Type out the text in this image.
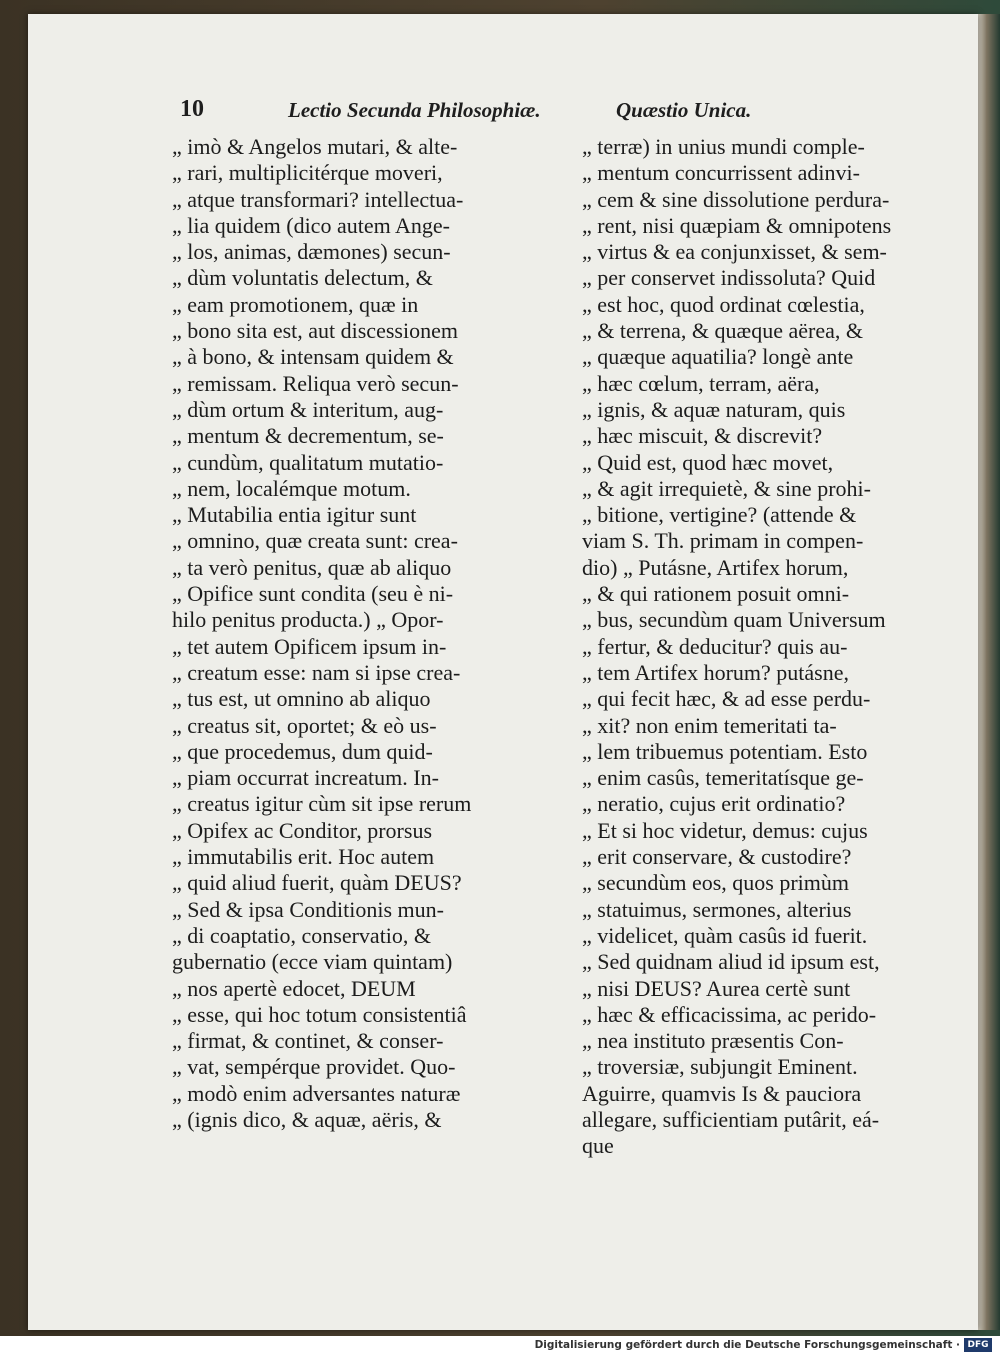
10	Lectio Secunda Philosophiæ.	Quæstio Unica.
„ imò & Angelos mutari, & alte-
„ rari, multiplicitérque moveri,
„ atque transformari? intellectua-
„ lia quidem (dico autem Ange-
„ los, animas, dæmones) secun-
„ dùm voluntatis delectum, &
„ eam promotionem, quæ in
„ bono sita est, aut discessionem
„ à bono, & intensam quidem &
„ remissam. Reliqua verò secun-
„ dùm ortum & interitum, aug-
„ mentum & decrementum, se-
„ cundùm, qualitatum mutatio-
„ nem, localémque motum.
„ Mutabilia entia igitur sunt
„ omnino, quæ creata sunt: crea-
„ ta verò penitus, quæ ab aliquo
„ Opifice sunt condita (seu è ni-
hilo penitus producta.) „ Opor-
„ tet autem Opificem ipsum in-
„ creatum esse: nam si ipse crea-
„ tus est, ut omnino ab aliquo
„ creatus sit, oportet; & eò us-
„ que procedemus, dum quid-
„ piam occurrat increatum. In-
„ creatus igitur cùm sit ipse rerum
„ Opifex ac Conditor, prorsus
„ immutabilis erit. Hoc autem
„ quid aliud fuerit, quàm DEUS?
„ Sed & ipsa Conditionis mun-
„ di coaptatio, conservatio, &
gubernatio (ecce viam quintam)
„ nos apertè edocet, DEUM
„ esse, qui hoc totum consistentiâ
„ firmat, & continet, & conser-
„ vat, sempérque providet. Quo-
„ modò enim adversantes naturæ
„ (ignis dico, & aquæ, aëris, &
„ terræ) in unius mundi comple-
„ mentum concurrissent adinvi-
„ cem & sine dissolutione perdura-
„ rent, nisi quæpiam & omnipotens
„ virtus & ea conjunxisset, & sem-
„ per conservet indissoluta? Quid
„ est hoc, quod ordinat cœlestia,
„ & terrena, & quæque aërea, &
„ quæque aquatilia? longè ante
„ hæc cœlum, terram, aëra,
„ ignis, & aquæ naturam, quis
„ hæc miscuit, & discrevit?
„ Quid est, quod hæc movet,
„ & agit irrequietè, & sine prohi-
„ bitione, vertigine? (attende &
viam S. Th. primam in compen-
dio) „ Putásne, Artifex horum,
„ & qui rationem posuit omni-
„ bus, secundùm quam Universum
„ fertur, & deducitur? quis au-
„ tem Artifex horum? putásne,
„ qui fecit hæc, & ad esse perdu-
„ xit? non enim temeritati ta-
„ lem tribuemus potentiam. Esto
„ enim casûs, temeritatísque ge-
„ neratio, cujus erit ordinatio?
„ Et si hoc videtur, demus: cujus
„ erit conservare, & custodire?
„ secundùm eos, quos primùm
„ statuimus, sermones, alterius
„ videlicet, quàm casûs id fuerit.
„ Sed quidnam aliud id ipsum est,
„ nisi DEUS? Aurea certè sunt
„ hæc & efficacissima, ac perido-
„ nea instituto præsentis Con-
„ troversiæ, subjungit Eminent.
Aguirre, quamvis Is & pauciora
allegare, sufficientiam putârit, eá-
que
Digitalisierung gefördert durch die Deutsche Forschungsgemeinschaft · DFG
